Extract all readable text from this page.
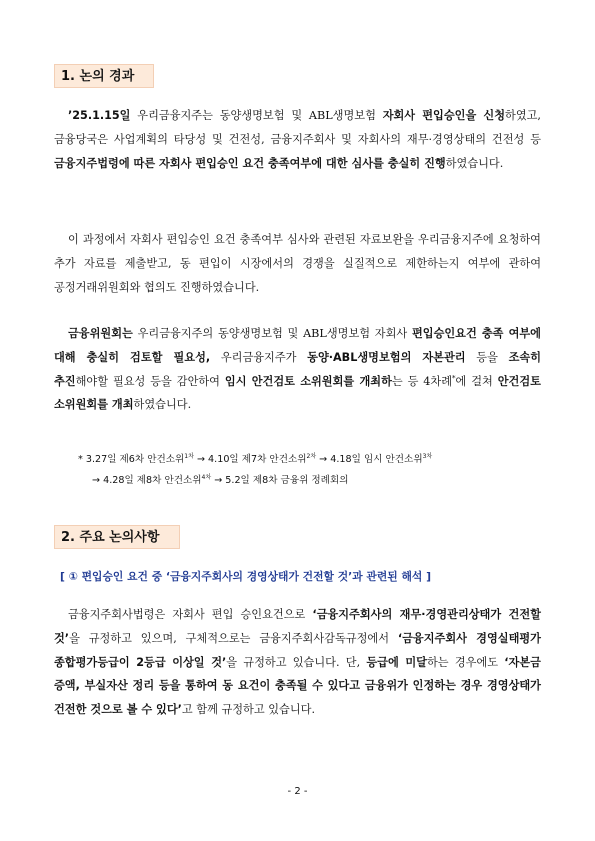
1. 논의 경과

’25.1.15일 우리금융지주는 동양생명보험 및 ABL생명보험 자회사 편입승인을 신청하였고, 금융당국은 사업계획의 타당성 및 건전성, 금융지주회사 및 자회사의 재무·경영상태의 건전성 등 금융지주법령에 따른 자회사 편입승인 요건 충족여부에 대한 심사를 충실히 진행하였습니다.

이 과정에서 자회사 편입승인 요건 충족여부 심사와 관련된 자료보완을 우리금융지주에 요청하여 추가 자료를 제출받고, 동 편입이 시장에서의 경쟁을 실질적으로 제한하는지 여부에 관하여 공정거래위원회와 협의도 진행하였습니다.

금융위원회는 우리금융지주의 동양생명보험 및 ABL생명보험 자회사 편입승인요건 충족 여부에 대해 충실히 검토할 필요성, 우리금융지주가 동양·ABL생명보험의 자본관리 등을 조속히 추진해야할 필요성 등을 감안하여 임시 안건검토 소위원회를 개최하는 등 4차례*에 걸쳐 안건검토 소위원회를 개최하였습니다.

* 3.27일 제6차 안건소위$^{1차}$ → 4.10일 제7차 안건소위$^{2차}$ → 4.18일 임시 안건소위$^{3차}$
→ 4.28일 제8차 안건소위$^{4차}$ → 5.2일 제8차 금융위 정례회의

2. 주요 논의사항
[ ① 편입승인 요건 중 ‘금융지주회사의 경영상태가 건전할 것’과 관련된 해석 ]

금융지주회사법령은 자회사 편입 승인요건으로 ‘금융지주회사의 재무·경영관리상태가 건전할 것’을 규정하고 있으며, 구체적으로는 금융지주회사감독규정에서 ‘금융지주회사 경영실태평가 종합평가등급이 2등급 이상일 것’을 규정하고 있습니다. 단, 등급에 미달하는 경우에도 ‘자본금 증액, 부실자산 정리 등을 통하여 동 요건이 충족될 수 있다고 금융위가 인정하는 경우 경영상태가 건전한 것으로 볼 수 있다’고 함께 규정하고 있습니다.

- 2 -
